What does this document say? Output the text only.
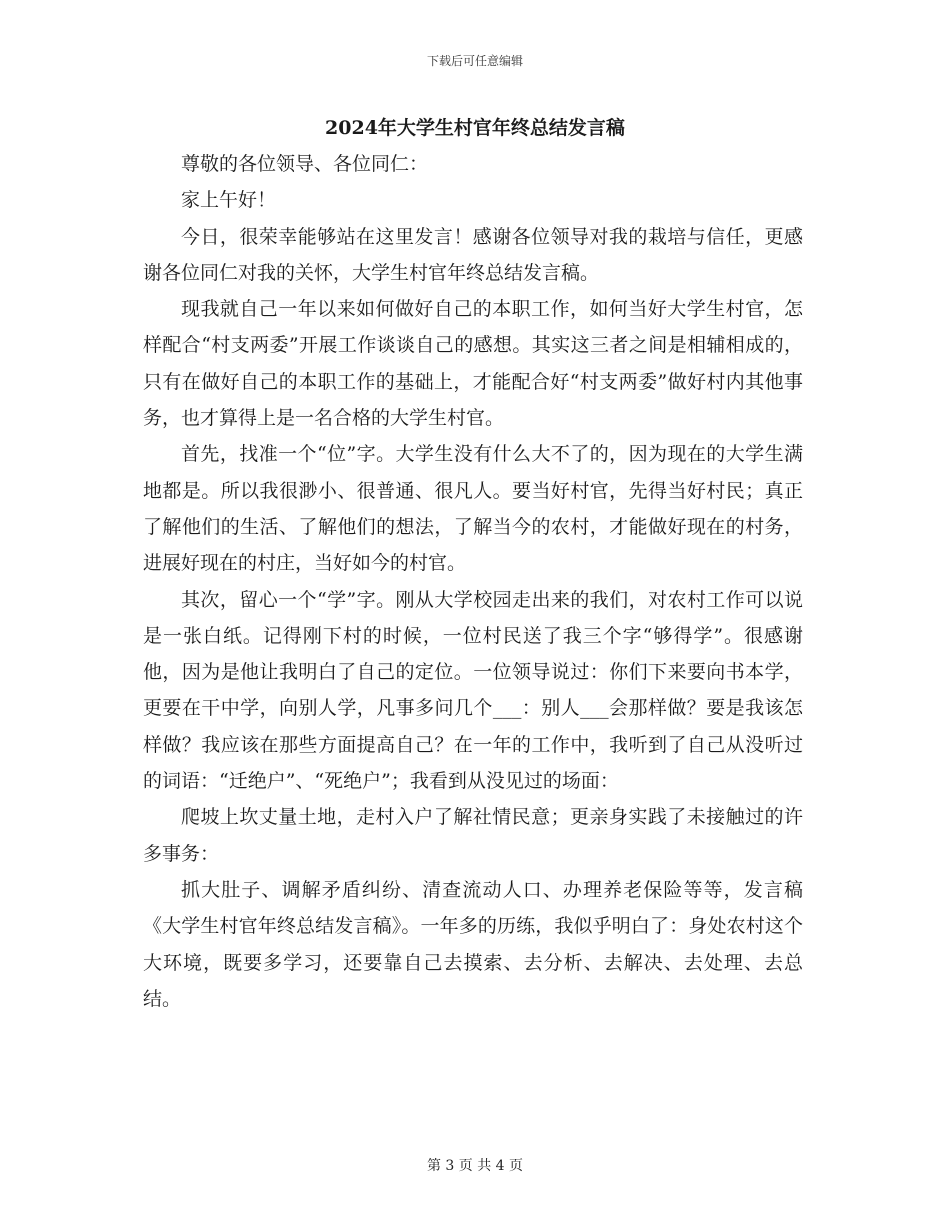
下载后可任意编辑
2024年大学生村官年终总结发言稿

尊敬的各位领导、各位同仁：

家上午好！

今日，很荣幸能够站在这里发言！感谢各位领导对我的栽培与信任，更感谢各位同仁对我的关怀，大学生村官年终总结发言稿。

现我就自己一年以来如何做好自己的本职工作，如何当好大学生村官，怎样配合“村支两委”开展工作谈谈自己的感想。其实这三者之间是相辅相成的，只有在做好自己的本职工作的基础上，才能配合好“村支两委”做好村内其他事务，也才算得上是一名合格的大学生村官。

首先，找准一个“位”字。大学生没有什么大不了的，因为现在的大学生满地都是。所以我很渺小、很普通、很凡人。要当好村官，先得当好村民；真正了解他们的生活、了解他们的想法，了解当今的农村，才能做好现在的村务，进展好现在的村庄，当好如今的村官。

其次，留心一个“学”字。刚从大学校园走出来的我们，对农村工作可以说是一张白纸。记得刚下村的时候，一位村民送了我三个字“够得学”。很感谢他，因为是他让我明白了自己的定位。一位领导说过：你们下来要向书本学，更要在干中学，向别人学，凡事多问几个___：别人___会那样做？要是我该怎样做？我应该在那些方面提高自己？在一年的工作中，我听到了自己从没听过的词语：“迁绝户”、“死绝户”；我看到从没见过的场面：

爬坡上坎丈量土地，走村入户了解社情民意；更亲身实践了未接触过的许多事务：

抓大肚子、调解矛盾纠纷、清查流动人口、办理养老保险等等，发言稿《大学生村官年终总结发言稿》。一年多的历练，我似乎明白了：身处农村这个大环境，既要多学习，还要靠自己去摸索、去分析、去解决、去处理、去总结。

第 3 页 共 4 页
